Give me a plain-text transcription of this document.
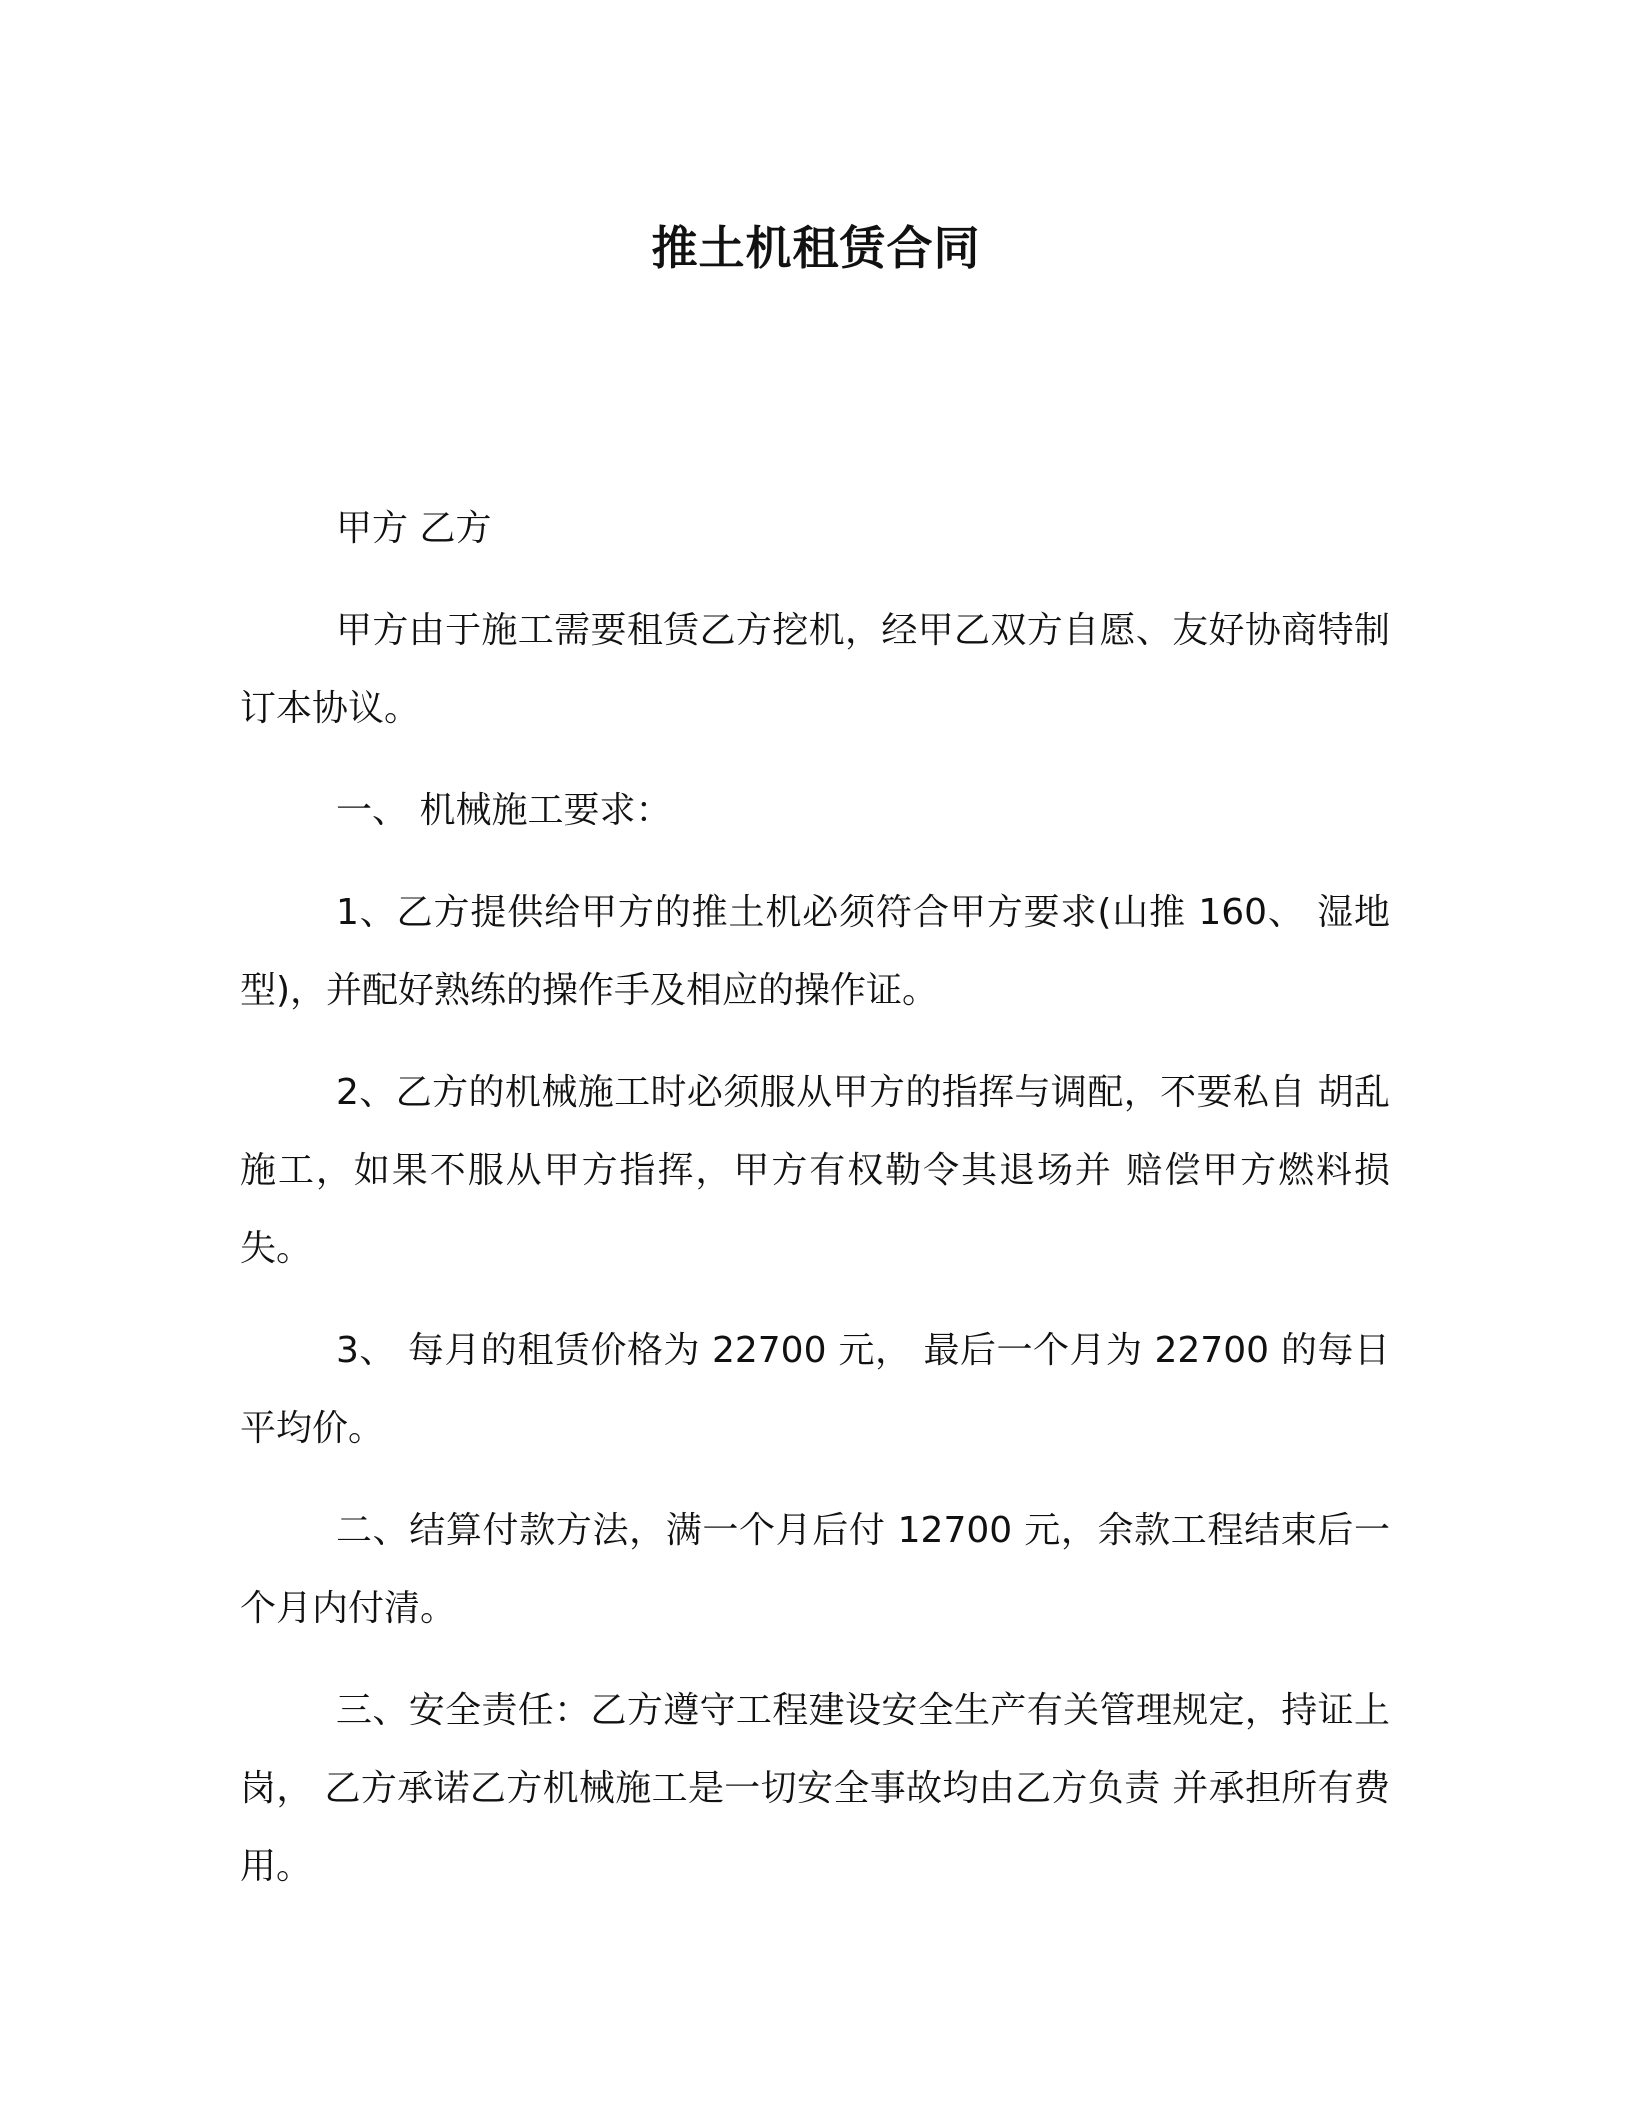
推土机租赁合同

甲方 乙方

甲方由于施工需要租赁乙方挖机，经甲乙双方自愿、友好协商特制订本协议。

一、 机械施工要求：

1、乙方提供给甲方的推土机必须符合甲方要求(山推 160、 湿地型)，并配好熟练的操作手及相应的操作证。

2、乙方的机械施工时必须服从甲方的指挥与调配，不要私自 胡乱施工，如果不服从甲方指挥，甲方有权勒令其退场并 赔偿甲方燃料损失。

3、 每月的租赁价格为 22700 元， 最后一个月为 22700 的每日平均价。

二、结算付款方法，满一个月后付 12700 元，余款工程结束后一 个月内付清。

三、安全责任：乙方遵守工程建设安全生产有关管理规定，持证上岗， 乙方承诺乙方机械施工是一切安全事故均由乙方负责 并承担所有费用。
